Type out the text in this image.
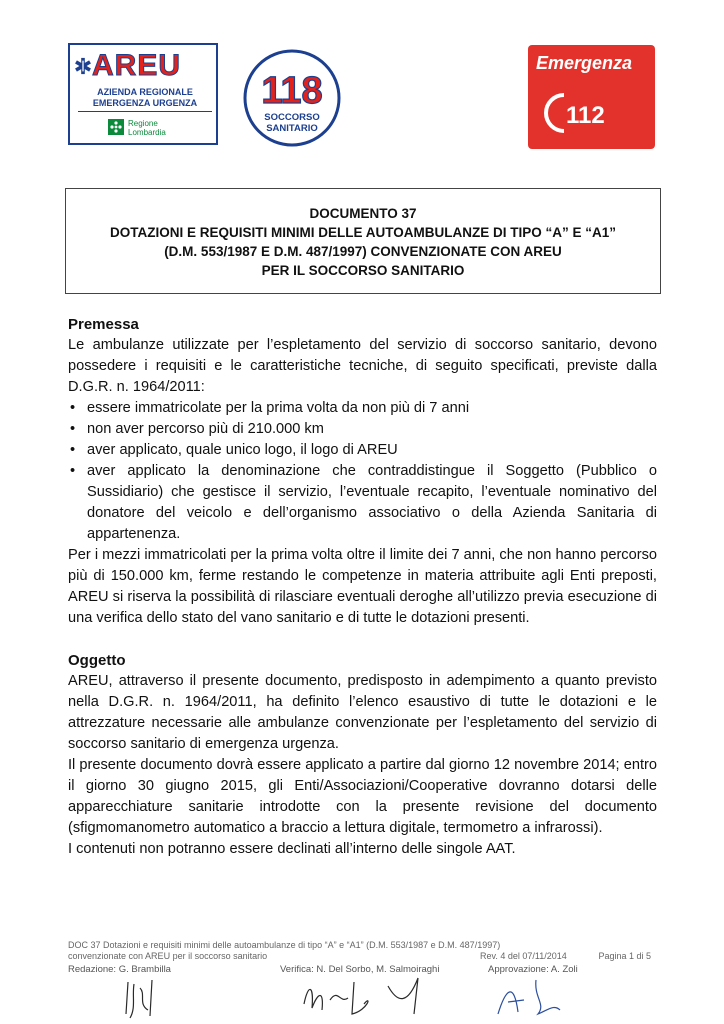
AREU
AZIENDA REGIONALE
EMERGENZA URGENZA
Regione
Lombardia
118
SOCCORSO
SANITARIO
Emergenza
112
DOCUMENTO 37
DOTAZIONI E REQUISITI MINIMI DELLE AUTOAMBULANZE DI TIPO “A” E “A1”
(D.M. 553/1987 E D.M. 487/1997) CONVENZIONATE CON AREU
PER IL SOCCORSO SANITARIO
Premessa
Le ambulanze utilizzate per l’espletamento del servizio di soccorso sanitario, devono possedere i requisiti e le caratteristiche tecniche, di seguito specificati, previste dalla D.G.R. n. 1964/2011:
• essere immatricolate per la prima volta da non più di 7 anni
• non aver percorso più di 210.000 km
• aver applicato, quale unico logo, il logo di AREU
• aver applicato la denominazione che contraddistingue il Soggetto (Pubblico o Sussidiario) che gestisce il servizio, l’eventuale recapito, l’eventuale nominativo del donatore del veicolo e dell’organismo associativo o della Azienda Sanitaria di appartenenza.
Per i mezzi immatricolati per la prima volta oltre il limite dei 7 anni, che non hanno percorso più di 150.000 km, ferme restando le competenze in materia attribuite agli Enti preposti, AREU si riserva la possibilità di rilasciare eventuali deroghe all’utilizzo previa esecuzione di una verifica dello stato del vano sanitario e di tutte le dotazioni presenti.
Oggetto
AREU, attraverso il presente documento, predisposto in adempimento a quanto previsto nella D.G.R. n. 1964/2011, ha definito l’elenco esaustivo di tutte le dotazioni e le attrezzature necessarie alle ambulanze convenzionate per l’espletamento del servizio di soccorso sanitario di emergenza urgenza.
Il presente documento dovrà essere applicato a partire dal giorno 12 novembre 2014; entro il giorno 30 giugno 2015, gli Enti/Associazioni/Cooperative dovranno dotarsi delle apparecchiature sanitarie introdotte con la presente revisione del documento (sfigmomanometro automatico a braccio a lettura digitale, termometro a infrarossi).
I contenuti non potranno essere declinati all’interno delle singole AAT.
DOC 37 Dotazioni e requisiti minimi delle autoambulanze di tipo “A” e “A1” (D.M. 553/1987 e D.M. 487/1997)
convenzionate con AREU per il soccorso sanitario	Rev. 4 del 07/11/2014	Pagina 1 di 5
Redazione: G. Brambilla	Verifica: N. Del Sorbo, M. Salmoiraghi	Approvazione: A. Zoli
